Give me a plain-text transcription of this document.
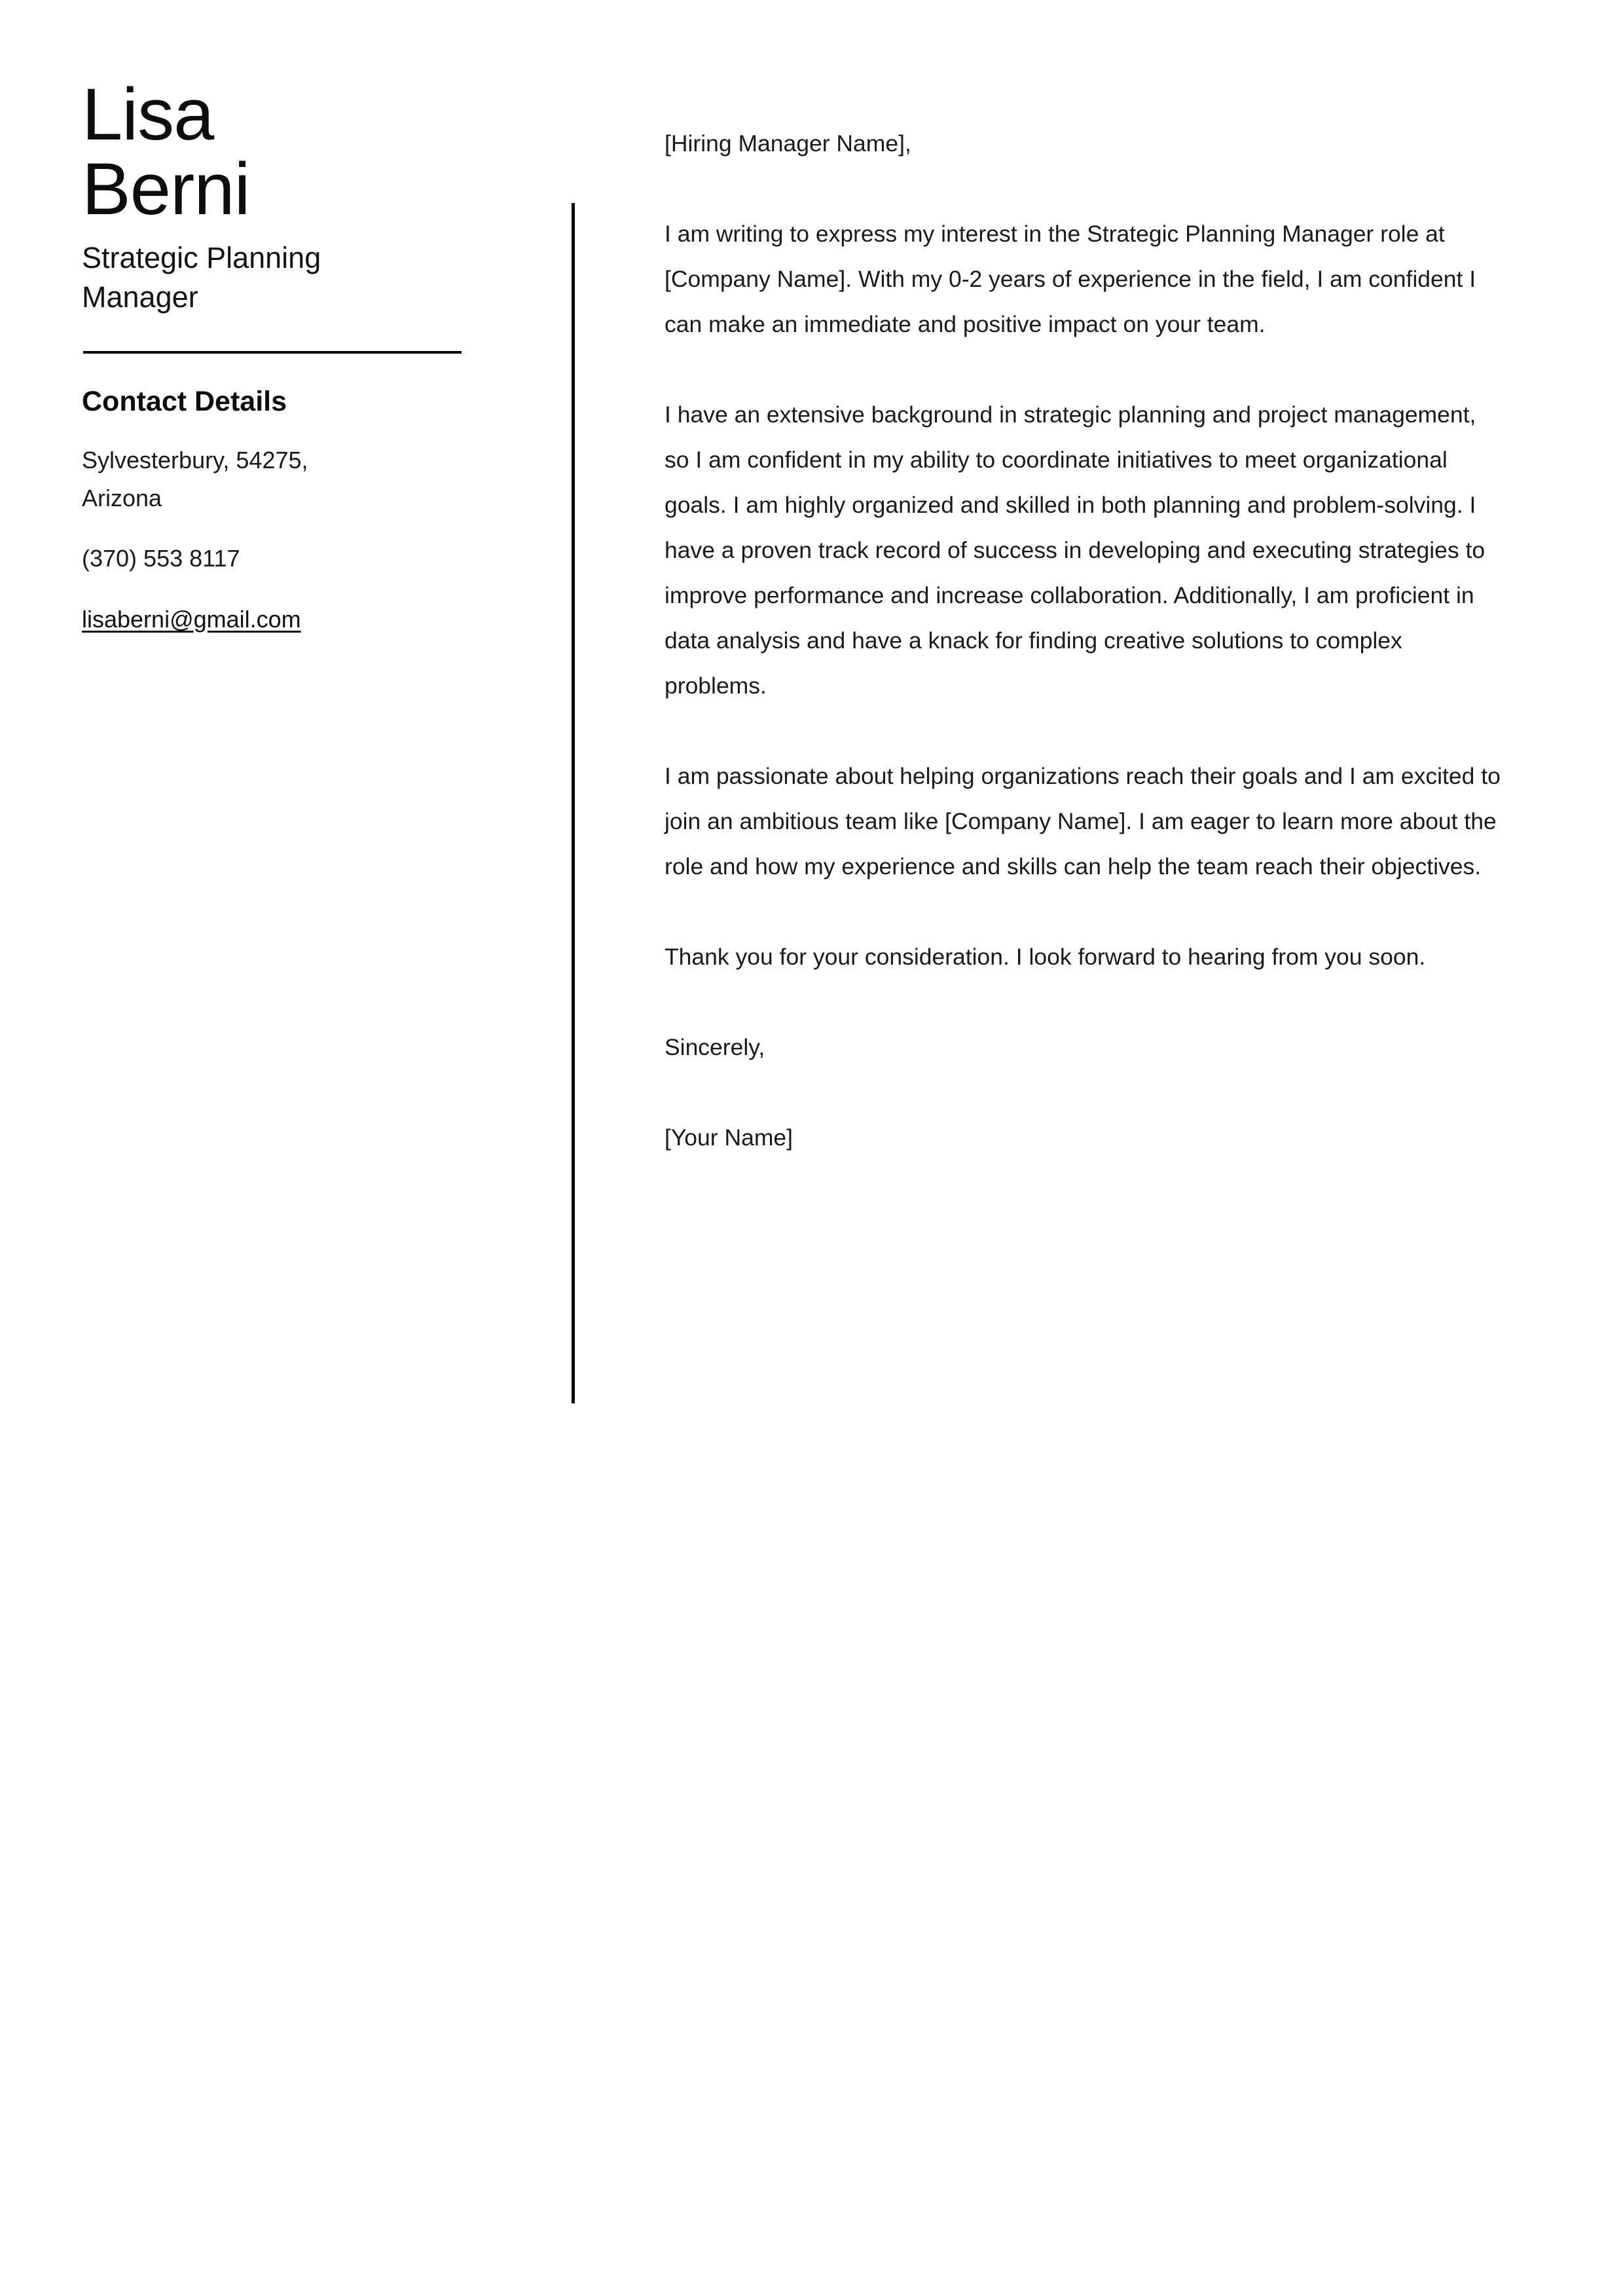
Lisa
Berni
Strategic Planning Manager
Contact Details
Sylvesterbury, 54275, Arizona
(370) 553 8117
lisaberni@gmail.com

[Hiring Manager Name],

I am writing to express my interest in the Strategic Planning Manager role at [Company Name]. With my 0-2 years of experience in the field, I am confident I can make an immediate and positive impact on your team.

I have an extensive background in strategic planning and project management, so I am confident in my ability to coordinate initiatives to meet organizational goals. I am highly organized and skilled in both planning and problem-solving. I have a proven track record of success in developing and executing strategies to improve performance and increase collaboration. Additionally, I am proficient in data analysis and have a knack for finding creative solutions to complex problems.

I am passionate about helping organizations reach their goals and I am excited to join an ambitious team like [Company Name]. I am eager to learn more about the role and how my experience and skills can help the team reach their objectives.

Thank you for your consideration. I look forward to hearing from you soon.

Sincerely,

[Your Name]
